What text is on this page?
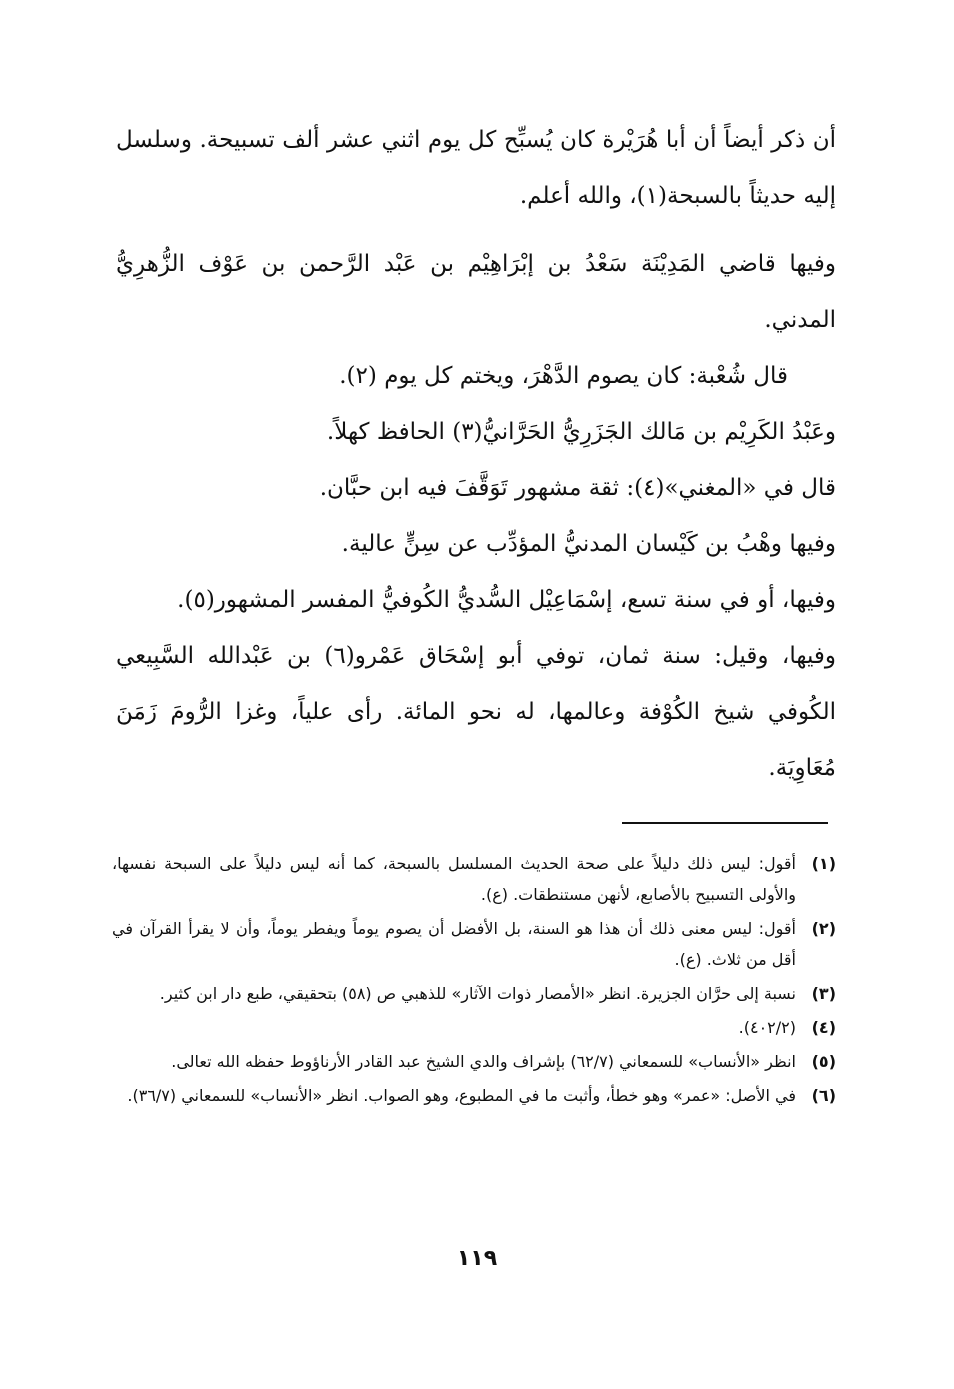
أن ذكر أيضاً أن أبا هُرَيْرة كان يُسبِّح كل يوم اثني عشر ألف تسبيحة. وسلسل إليه حديثاً بالسبحة(١)، والله أعلم.

وفيها قاضي المَدِيْنَة سَعْدُ بن إبْرَاهِيْم بن عَبْد الرَّحمن بن عَوْف الزُّهرِيُّ المدني.

قال شُعْبة: كان يصوم الدَّهْرَ، ويختم كل يوم (٢).

وعَبْدُ الكَرِيْم بن مَالك الجَزَرِيُّ الحَرَّانيُّ(٣) الحافظ كهلاً.

قال في «المغني»(٤): ثقة مشهور تَوَقَّفَ فيه ابن حبَّان.

وفيها وهْبُ بن كَيْسان المدنيُّ المؤدِّب عن سِنٍّ عالية.

وفيها، أو في سنة تسع، إسْمَاعِيْل السُّديُّ الكُوفيُّ المفسر المشهور(٥).

وفيها، وقيل: سنة ثمان، توفي أبو إسْحَاق عَمْرو(٦) بن عَبْدالله السَّبِيعي الكُوفي شيخ الكُوْفة وعالمها، له نحو المائة. رأى علياً، وغزا الرُّومَ زَمَنَ مُعَاوِيَة.

(١)
أقول: ليس ذلك دليلاً على صحة الحديث المسلسل بالسبحة، كما أنه ليس دليلاً على السبحة نفسها، والأولى التسبيح بالأصابع، لأنهن مستنطقات. (ع).
(٢)
أقول: ليس معنى ذلك أن هذا هو السنة، بل الأفضل أن يصوم يوماً ويفطر يوماً، وأن لا يقرأ القرآن في أقل من ثلاث. (ع).
(٣)
نسبة إلى حرَّان الجزيرة. انظر «الأمصار ذوات الآثار» للذهبي ص (٥٨) بتحقيقي، طبع دار ابن كثير.
(٤)
(٤٠٢/٢).
(٥)
انظر «الأنساب» للسمعاني (٦٢/٧) بإشراف والدي الشيخ عبد القادر الأرناؤوط حفظه الله تعالى.
(٦)
في الأصل: «عمر» وهو خطأ، وأثبت ما في المطبوع، وهو الصواب. انظر «الأنساب» للسمعاني (٣٦/٧).
١١٩
